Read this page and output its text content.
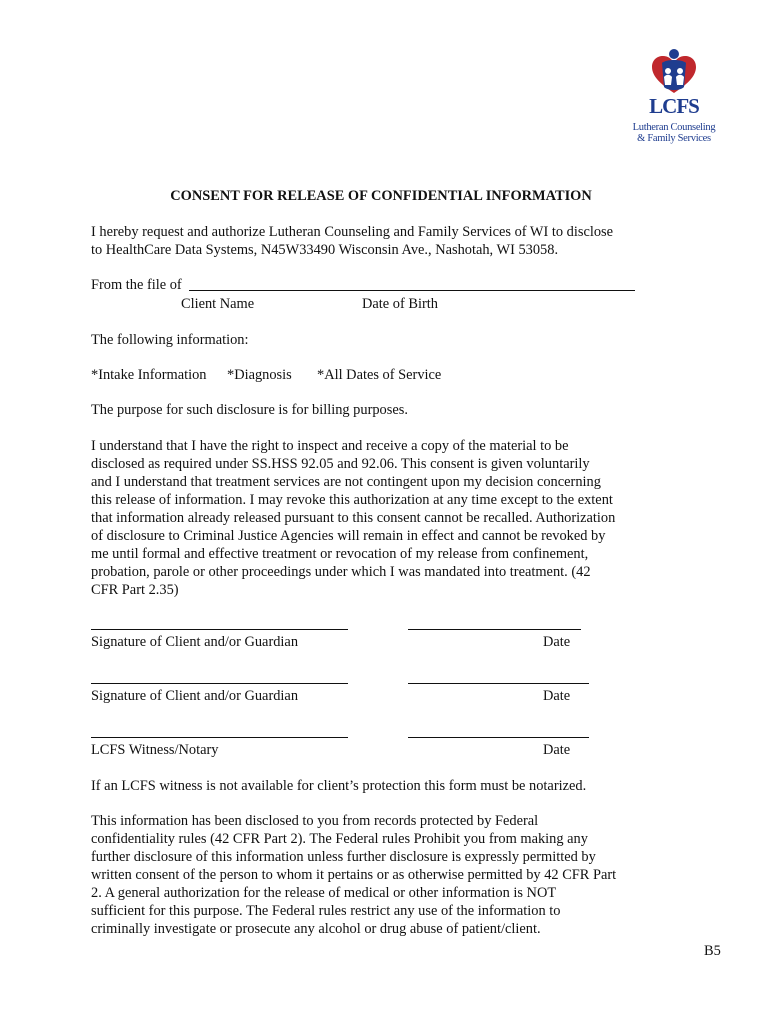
LCFS
Lutheran Counseling
& Family Services
CONSENT FOR RELEASE OF CONFIDENTIAL INFORMATION
I hereby request and authorize Lutheran Counseling and Family Services of WI to disclose
to HealthCare Data Systems, N45W33490 Wisconsin Ave., Nashotah, WI 53058.
From the file of
Client Name	Date of Birth
The following information:
*Intake Information *Diagnosis *All Dates of Service
The purpose for such disclosure is for billing purposes.
I understand that I have the right to inspect and receive a copy of the material to be
disclosed as required under SS.HSS 92.05 and 92.06. This consent is given voluntarily
and I understand that treatment services are not contingent upon my decision concerning
this release of information. I may revoke this authorization at any time except to the extent
that information already released pursuant to this consent cannot be recalled. Authorization
of disclosure to Criminal Justice Agencies will remain in effect and cannot be revoked by
me until formal and effective treatment or revocation of my release from confinement,
probation, parole or other proceedings under which I was mandated into treatment. (42
CFR Part 2.35)
Signature of Client and/or Guardian	Date
Signature of Client and/or Guardian	Date
LCFS Witness/Notary	Date
If an LCFS witness is not available for client’s protection this form must be notarized.
This information has been disclosed to you from records protected by Federal
confidentiality rules (42 CFR Part 2). The Federal rules Prohibit you from making any
further disclosure of this information unless further disclosure is expressly permitted by
written consent of the person to whom it pertains or as otherwise permitted by 42 CFR Part
2. A general authorization for the release of medical or other information is NOT
sufficient for this purpose. The Federal rules restrict any use of the information to
criminally investigate or prosecute any alcohol or drug abuse of patient/client.
B5
